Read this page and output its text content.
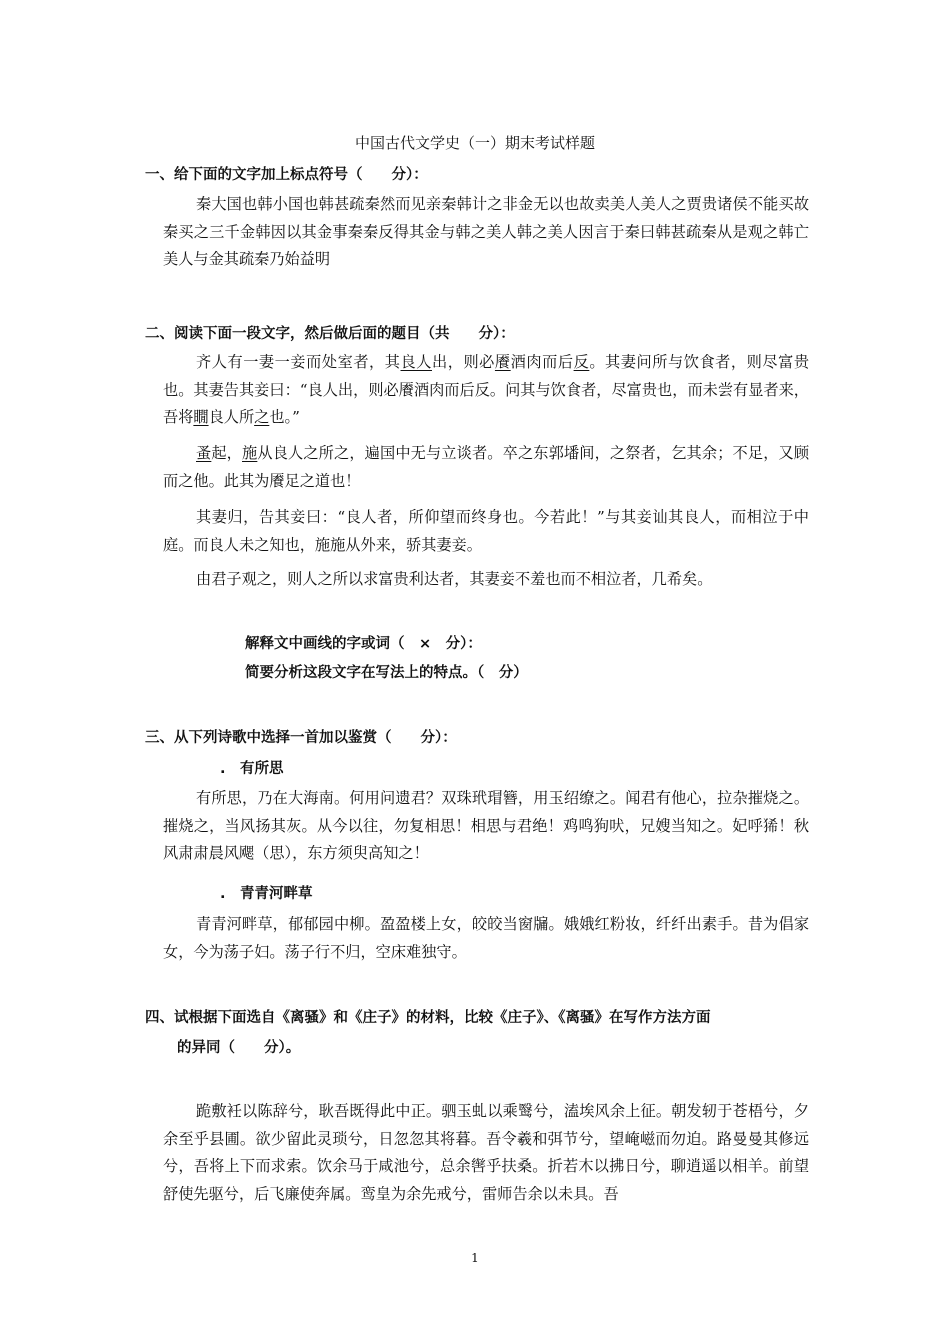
中国古代文学史（一）期末考试样题
一、给下面的文字加上标点符号（　　分）：

秦大国也韩小国也韩甚疏秦然而见亲秦韩计之非金无以也故卖美人美人之贾贵诸侯不能买故秦买之三千金韩因以其金事秦秦反得其金与韩之美人韩之美人因言于秦曰韩甚疏秦从是观之韩亡美人与金其疏秦乃始益明

二、阅读下面一段文字，然后做后面的题目（共　　分）：

齐人有一妻一妾而处室者，其良人出，则必餍酒肉而后反。其妻问所与饮食者，则尽富贵也。其妻告其妾曰：“良人出，则必餍酒肉而后反。问其与饮食者，尽富贵也，而未尝有显者来，吾将瞯良人所之也。”

蚤起，施从良人之所之，遍国中无与立谈者。卒之东郭墦间，之祭者，乞其余；不足，又顾而之他。此其为餍足之道也！

其妻归，告其妾曰：“良人者，所仰望而终身也。今若此！”与其妾讪其良人，而相泣于中庭。而良人未之知也，施施从外来，骄其妻妾。

由君子观之，则人之所以求富贵利达者，其妻妾不羞也而不相泣者，几希矣。

解释文中画线的字或词（　×　分）：
简要分析这段文字在写法上的特点。（　分）
三、从下列诗歌中选择一首加以鉴赏（　　分）：
.　有所思

有所思，乃在大海南。何用问遗君？双珠玳瑁簪，用玉绍缭之。闻君有他心，拉杂摧烧之。摧烧之，当风扬其灰。从今以往，勿复相思！相思与君绝！鸡鸣狗吠，兄嫂当知之。妃呼狶！秋风肃肃晨风飔（思），东方须臾高知之！

.　青青河畔草

青青河畔草，郁郁园中柳。盈盈楼上女，皎皎当窗牖。娥娥红粉妆，纤纤出素手。昔为倡家女，今为荡子妇。荡子行不归，空床难独守。

四、试根据下面选自《离骚》和《庄子》的材料，比较《庄子》、《离骚》在写作方法方面
的异同（　　分）。

跪敷衽以陈辞兮，耿吾既得此中正。驷玉虬以乘鹥兮，溘埃风余上征。朝发轫于苍梧兮，夕余至乎县圃。欲少留此灵琐兮，日忽忽其将暮。吾令羲和弭节兮，望崦嵫而勿迫。路曼曼其修远兮，吾将上下而求索。饮余马于咸池兮，总余辔乎扶桑。折若木以拂日兮，聊逍遥以相羊。前望舒使先驱兮，后飞廉使奔属。鸾皇为余先戒兮，雷师告余以未具。吾

1
